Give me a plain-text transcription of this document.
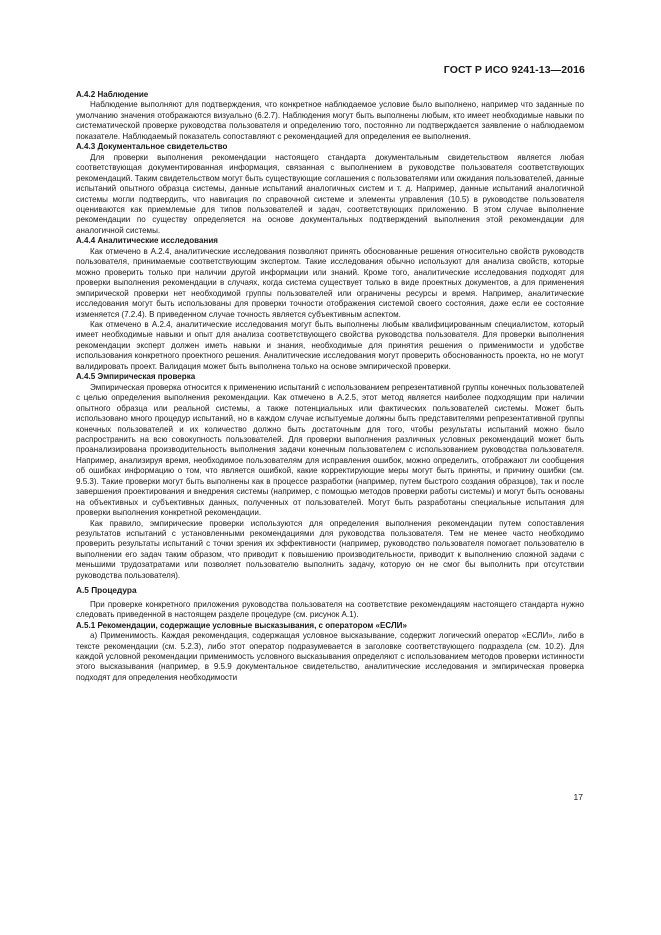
ГОСТ Р ИСО 9241-13—2016
А.4.2 Наблюдение

Наблюдение выполняют для подтверждения, что конкретное наблюдаемое условие было выполнено, например что заданные по умолчанию значения отображаются визуально (6.2.7). Наблюдения могут быть выполнены любым, кто имеет необходимые навыки по систематической проверке руководства пользователя и определению того, постоянно ли подтверждается заявление о наблюдаемом показателе. Наблюдаемый показатель сопоставляют с рекомендацией для определения ее выполнения.

А.4.3 Документальное свидетельство

Для проверки выполнения рекомендации настоящего стандарта документальным свидетельством является любая соответствующая документированная информация, связанная с выполнением в руководстве пользователя соответствующих рекомендаций. Таким свидетельством могут быть существующие соглашения с пользователями или ожидания пользователей, данные испытаний опытного образца системы, данные испытаний аналогичных систем и т. д. Например, данные испытаний аналогичной системы могли подтвердить, что навигация по справочной системе и элементы управления (10.5) в руководстве пользователя оцениваются как приемлемые для типов пользователей и задач, соответствующих приложению. В этом случае выполнение рекомендации по существу определяется на основе документальных подтверждений выполнения этой рекомендации для аналогичной системы.

А.4.4 Аналитические исследования

Как отмечено в А.2.4, аналитические исследования позволяют принять обоснованные решения относительно свойств руководств пользователя, принимаемые соответствующим экспертом. Такие исследования обычно используют для анализа свойств, которые можно проверить только при наличии другой информации или знаний. Кроме того, аналитические исследования подходят для проверки выполнения рекомендации в случаях, когда система существует только в виде проектных документов, а для применения эмпирической проверки нет необходимой группы пользователей или ограничены ресурсы и время. Например, аналитические исследования могут быть использованы для проверки точности отображения системой своего состояния, даже если ее состояние изменяется (7.2.4). В приведенном случае точность является субъективным аспектом.

Как отмечено в А.2.4, аналитические исследования могут быть выполнены любым квалифицированным специалистом, который имеет необходимые навыки и опыт для анализа соответствующего свойства руководства пользователя. Для проверки выполнения рекомендации эксперт должен иметь навыки и знания, необходимые для принятия решения о применимости и удобстве использования конкретного проектного решения. Аналитические исследования могут проверить обоснованность проекта, но не могут валидировать проект. Валидация может быть выполнена только на основе эмпирической проверки.

А.4.5 Эмпирическая проверка

Эмпирическая проверка относится к применению испытаний с использованием репрезентативной группы конечных пользователей с целью определения выполнения рекомендации. Как отмечено в А.2.5, этот метод является наиболее подходящим при наличии опытного образца или реальной системы, а также потенциальных или фактических пользователей системы. Может быть использовано много процедур испытаний, но в каждом случае испытуемые должны быть представителями репрезентативной группы конечных пользователей и их количество должно быть достаточным для того, чтобы результаты испытаний можно было распространить на всю совокупность пользователей. Для проверки выполнения различных условных рекомендаций может быть проанализирована производительность выполнения задачи конечным пользователем с использованием руководства пользователя. Например, анализируя время, необходимое пользователям для исправления ошибок, можно определить, отображают ли сообщения об ошибках информацию о том, что является ошибкой, какие корректирующие меры могут быть приняты, и причину ошибки (см. 9.5.3). Такие проверки могут быть выполнены как в процессе разработки (например, путем быстрого создания образцов), так и после завершения проектирования и внедрения системы (например, с помощью методов проверки работы системы) и могут быть основаны на объективных и субъективных данных, полученных от пользователей. Могут быть разработаны специальные испытания для проверки выполнения конкретной рекомендации.

Как правило, эмпирические проверки используются для определения выполнения рекомендации путем сопоставления результатов испытаний с установленными рекомендациями для руководства пользователя. Тем не менее часто необходимо проверить результаты испытаний с точки зрения их эффективности (например, руководство пользователя помогает пользователю в выполнении его задач таким образом, что приводит к повышению производительности, приводит к выполнению сложной задачи с меньшими трудозатратами или позволяет пользователю выполнить задачу, которую он не смог бы выполнить при отсутствии руководства пользователя).

А.5 Процедура

При проверке конкретного приложения руководства пользователя на соответствие рекомендациям настоящего стандарта нужно следовать приведенной в настоящем разделе процедуре (см. рисунок А.1).

А.5.1 Рекомендации, содержащие условные высказывания, с оператором «ЕСЛИ»

а) Применимость. Каждая рекомендация, содержащая условное высказывание, содержит логический оператор «ЕСЛИ», либо в тексте рекомендации (см. 5.2.3), либо этот оператор подразумевается в заголовке соответствующего подраздела (см. 10.2). Для каждой условной рекомендации применимость условного высказывания определяют с использованием методов проверки истинности этого высказывания (например, в 9.5.9 документальное свидетельство, аналитические исследования и эмпирическая проверка подходят для определения необходимости

17
